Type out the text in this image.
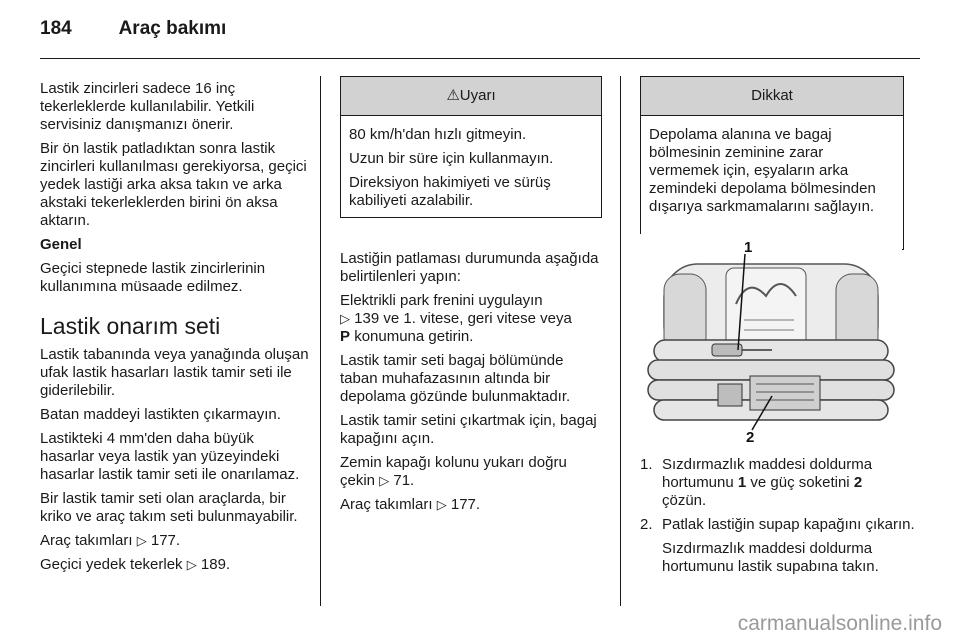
184 Araç bakımı

Lastik zincirleri sadece 16 inç tekerleklerde kullanılabilir. Yetkili servisiniz danışmanızı önerir.

Bir ön lastik patladıktan sonra lastik zincirleri kullanılması gerekiyorsa, geçici yedek lastiği arka aksa takın ve arka akstaki tekerleklerden birini ön aksa aktarın.

Genel

Geçici stepnede lastik zincirlerinin kullanımına müsaade edilmez.

Lastik onarım seti

Lastik tabanında veya yanağında oluşan ufak lastik hasarları lastik tamir seti ile giderilebilir.

Batan maddeyi lastikten çıkarmayın.

Lastikteki 4 mm'den daha büyük hasarlar veya lastik yan yüzeyindeki hasarlar lastik tamir seti ile onarılamaz.

Bir lastik tamir seti olan araçlarda, bir kriko ve araç takım seti bulunmayabilir.

Araç takımları ▷ 177.

Geçici yedek tekerlek ▷ 189.

⚠Uyarı

80 km/h'dan hızlı gitmeyin.

Uzun bir süre için kullanmayın.

Direksiyon hakimiyeti ve sürüş kabiliyeti azalabilir.

Lastiğin patlaması durumunda aşağıda belirtilenleri yapın:

Elektrikli park frenini uygulayın
▷ 139 ve 1. vitese, geri vitese veya
P konumuna getirin.

Lastik tamir seti bagaj bölümünde taban muhafazasının altında bir depolama gözünde bulunmaktadır.

Lastik tamir setini çıkartmak için, bagaj kapağını açın.

Zemin kapağı kolunu yukarı doğru çekin ▷ 71.

Araç takımları ▷ 177.

Dikkat

Depolama alanına ve bagaj bölmesinin zeminine zarar vermemek için, eşyaların arka zemindeki depolama bölmesinden dışarıya sarkmamalarını sağlayın.

1
2
1. Sızdırmazlık maddesi doldurma hortumunu 1 ve güç soketini 2
çözün.

2. Patlak lastiğin supap kapağını çıkarın.

Sızdırmazlık maddesi doldurma hortumunu lastik supabına takın.

carmanualsonline.info
